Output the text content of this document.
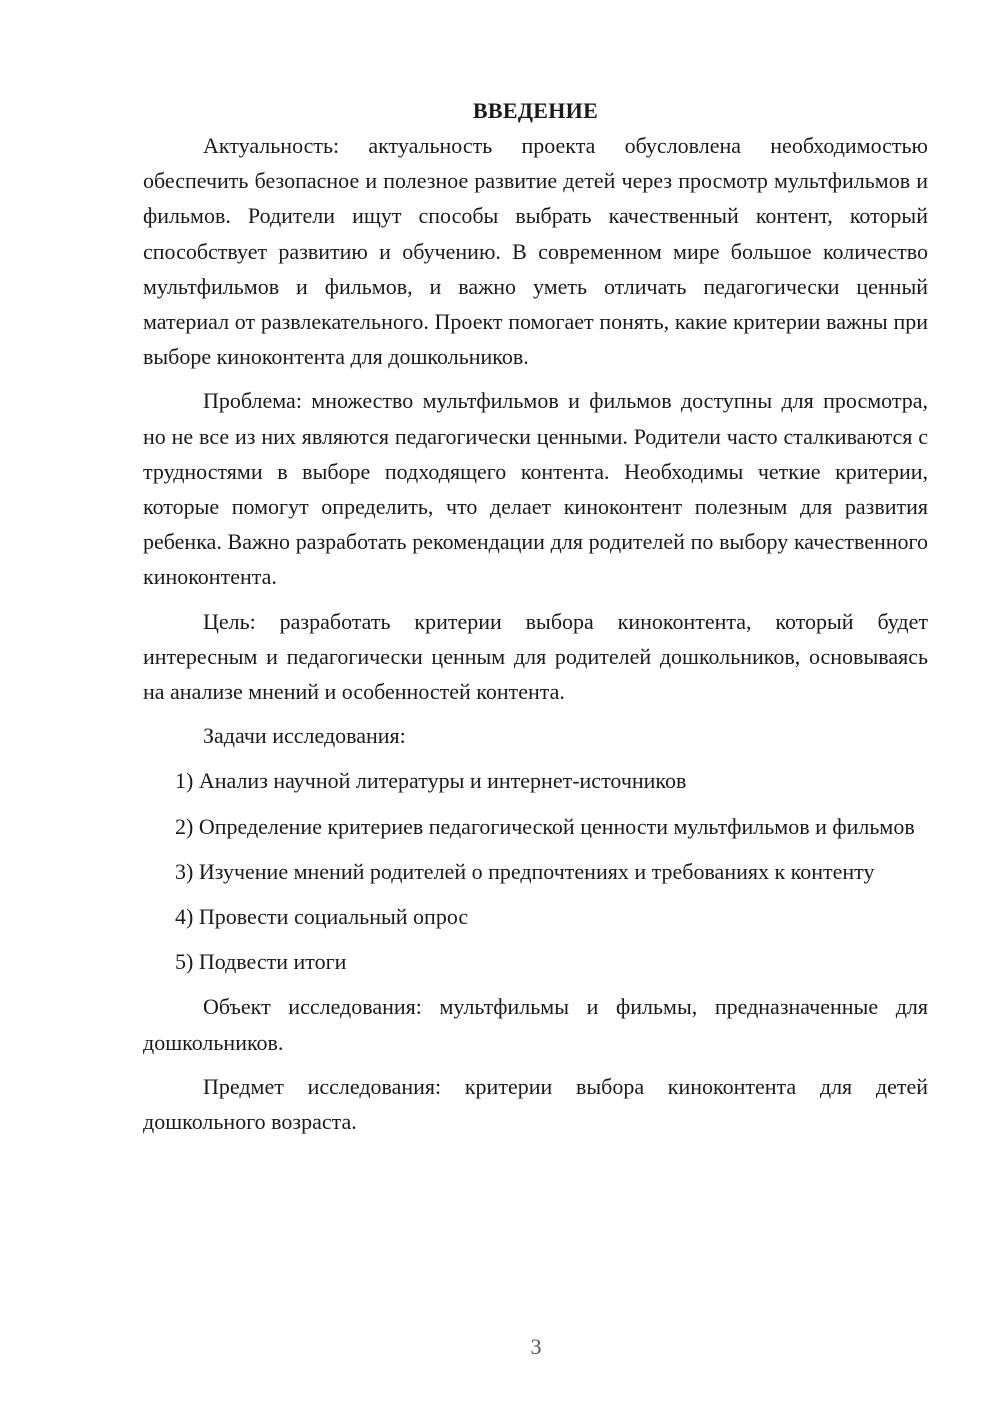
ВВЕДЕНИЕ

Актуальность: актуальность проекта обусловлена необходимостью обеспечить безопасное и полезное развитие детей через просмотр мультфильмов и фильмов. Родители ищут способы выбрать качественный контент, который способствует развитию и обучению. В современном мире большое количество мультфильмов и фильмов, и важно уметь отличать педагогически ценный материал от развлекательного. Проект помогает понять, какие критерии важны при выборе киноконтента для дошкольников.

Проблема: множество мультфильмов и фильмов доступны для просмотра, но не все из них являются педагогически ценными. Родители часто сталкиваются с трудностями в выборе подходящего контента. Необходимы четкие критерии, которые помогут определить, что делает киноконтент полезным для развития ребенка. Важно разработать рекомендации для родителей по выбору качественного киноконтента.

Цель: разработать критерии выбора киноконтента, который будет интересным и педагогически ценным для родителей дошкольников, основываясь на анализе мнений и особенностей контента.

Задачи исследования:

1) Анализ научной литературы и интернет-источников

2) Определение критериев педагогической ценности мультфильмов и фильмов

3) Изучение мнений родителей о предпочтениях и требованиях к контенту

4) Провести социальный опрос

5) Подвести итоги

Объект исследования: мультфильмы и фильмы, предназначенные для дошкольников.

Предмет исследования: критерии выбора киноконтента для детей дошкольного возраста.

3
